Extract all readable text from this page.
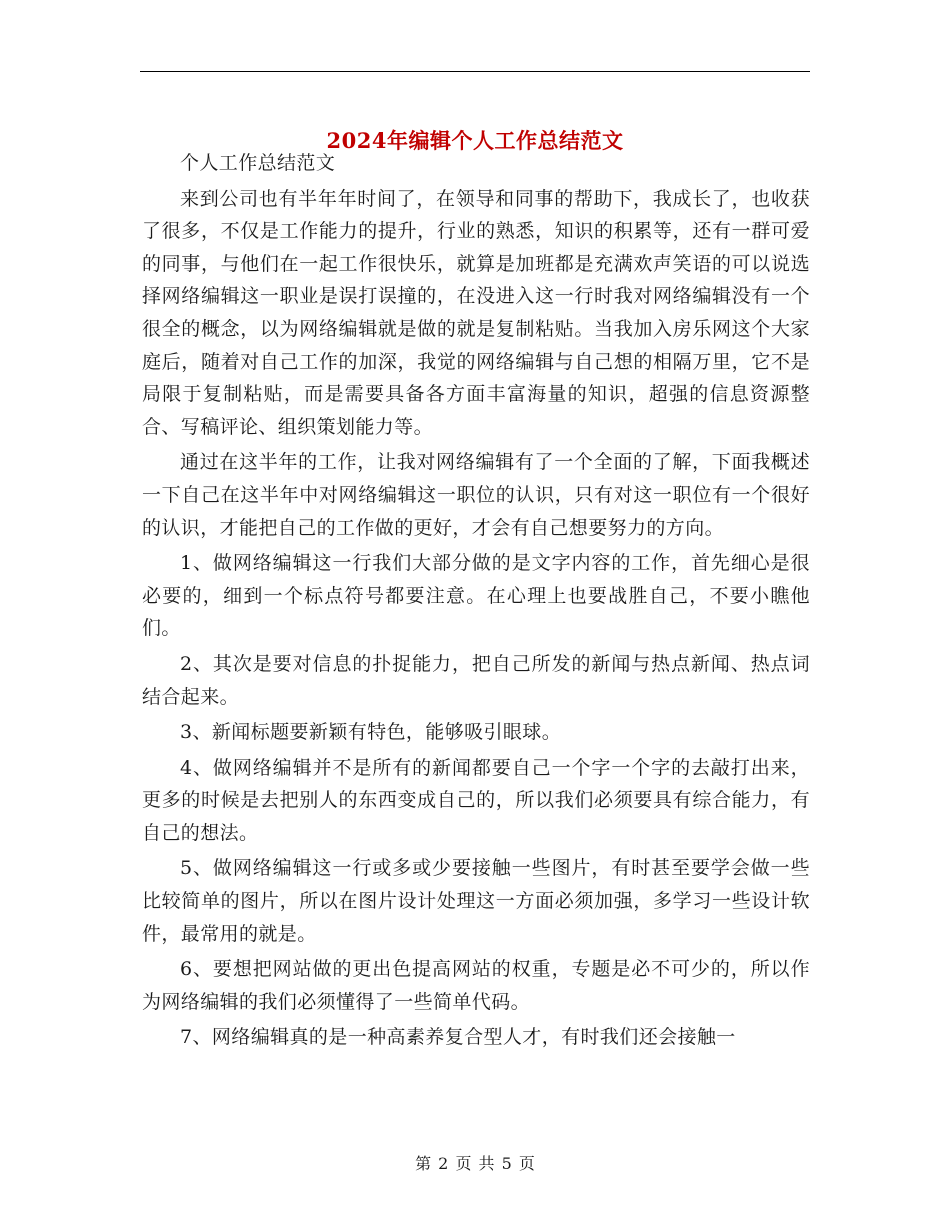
2024年编辑个人工作总结范文

个人工作总结范文

来到公司也有半年年时间了，在领导和同事的帮助下，我成长了，也收获了很多，不仅是工作能力的提升，行业的熟悉，知识的积累等，还有一群可爱的同事，与他们在一起工作很快乐，就算是加班都是充满欢声笑语的可以说选择网络编辑这一职业是误打误撞的，在没进入这一行时我对网络编辑没有一个很全的概念，以为网络编辑就是做的就是复制粘贴。当我加入房乐网这个大家庭后，随着对自己工作的加深，我觉的网络编辑与自己想的相隔万里，它不是局限于复制粘贴，而是需要具备各方面丰富海量的知识，超强的信息资源整合、写稿评论、组织策划能力等。

通过在这半年的工作，让我对网络编辑有了一个全面的了解，下面我概述一下自己在这半年中对网络编辑这一职位的认识，只有对这一职位有一个很好的认识，才能把自己的工作做的更好，才会有自己想要努力的方向。

1、做网络编辑这一行我们大部分做的是文字内容的工作，首先细心是很必要的，细到一个标点符号都要注意。在心理上也要战胜自己，不要小瞧他们。

2、其次是要对信息的扑捉能力，把自己所发的新闻与热点新闻、热点词结合起来。

3、新闻标题要新颖有特色，能够吸引眼球。

4、做网络编辑并不是所有的新闻都要自己一个字一个字的去敲打出来，更多的时候是去把别人的东西变成自己的，所以我们必须要具有综合能力，有自己的想法。

5、做网络编辑这一行或多或少要接触一些图片，有时甚至要学会做一些比较简单的图片，所以在图片设计处理这一方面必须加强，多学习一些设计软件，最常用的就是。

6、要想把网站做的更出色提高网站的权重，专题是必不可少的，所以作为网络编辑的我们必须懂得了一些简单代码。

7、网络编辑真的是一种高素养复合型人才，有时我们还会接触一

第 2 页 共 5 页
